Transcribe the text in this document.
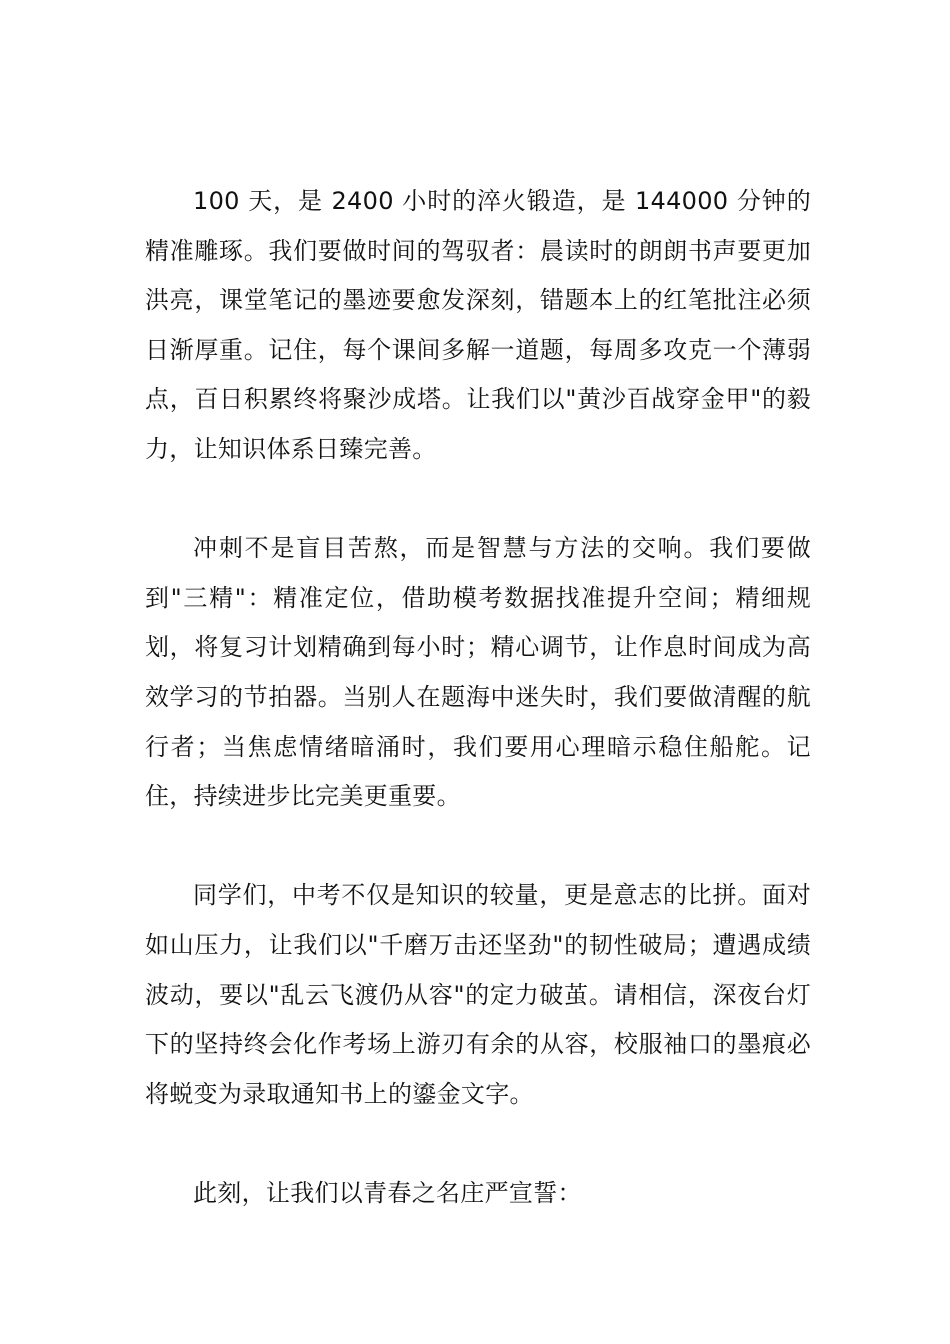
100 天，是 2400 小时的淬火锻造，是 144000 分钟的精准雕琢。我们要做时间的驾驭者：晨读时的朗朗书声要更加洪亮，课堂笔记的墨迹要愈发深刻，错题本上的红笔批注必须日渐厚重。记住，每个课间多解一道题，每周多攻克一个薄弱点，百日积累终将聚沙成塔。让我们以"黄沙百战穿金甲"的毅力，让知识体系日臻完善。

冲刺不是盲目苦熬，而是智慧与方法的交响。我们要做到"三精"：精准定位，借助模考数据找准提升空间；精细规划，将复习计划精确到每小时；精心调节，让作息时间成为高效学习的节拍器。当别人在题海中迷失时，我们要做清醒的航行者；当焦虑情绪暗涌时，我们要用心理暗示稳住船舵。记住，持续进步比完美更重要。

同学们，中考不仅是知识的较量，更是意志的比拼。面对如山压力，让我们以"千磨万击还坚劲"的韧性破局；遭遇成绩波动，要以"乱云飞渡仍从容"的定力破茧。请相信，深夜台灯下的坚持终会化作考场上游刃有余的从容，校服袖口的墨痕必将蜕变为录取通知书上的鎏金文字。

此刻，让我们以青春之名庄严宣誓：
